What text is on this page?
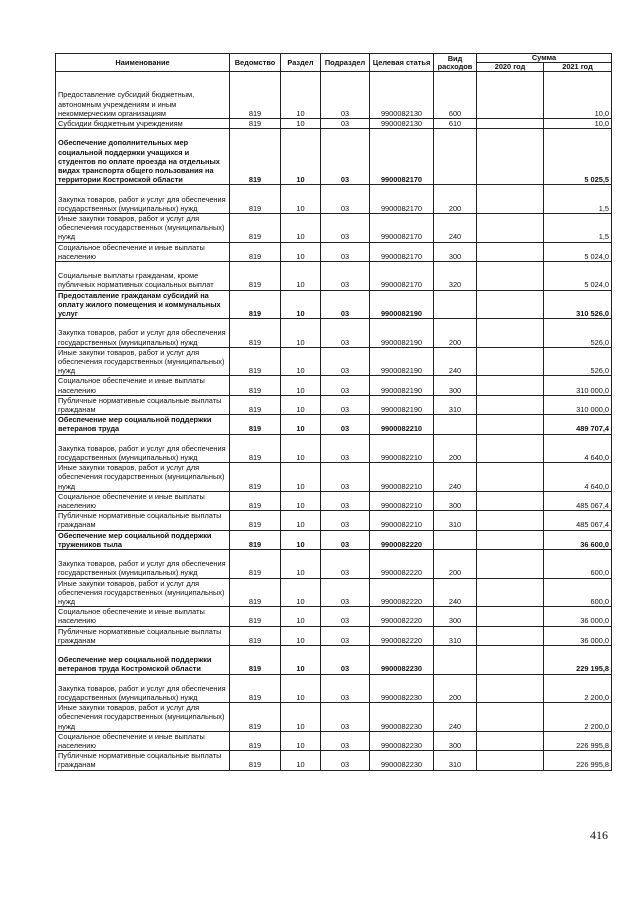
Наименование	Ведомство	Раздел	Подраздел	Целевая статья	Вид расходов	Сумма	
						2020 год	2021 год
Предоставление субсидий бюджетным, автономным учреждениям и иным некоммерческим организациям	819	10	03	9900082130	600		10,0
Субсидии бюджетным учреждениям	819	10	03	9900082130	610		10,0
Обеспечение дополнительных мер социальной поддержки учащихся и студентов по оплате проезда на отдельных видах транспорта общего пользования на территории Костромской области	819	10	03	9900082170			5 025,5
Закупка товаров, работ и услуг для обеспечения государственных (муниципальных) нужд	819	10	03	9900082170	200		1,5
Иные закупки товаров, работ и услуг для обеспечения государственных (муниципальных) нужд	819	10	03	9900082170	240		1,5
Социальное обеспечение и иные выплаты населению	819	10	03	9900082170	300		5 024,0
Социальные выплаты гражданам, кроме публичных нормативных социальных выплат	819	10	03	9900082170	320		5 024,0
Предоставление гражданам субсидий на оплату жилого помещения и коммунальных услуг	819	10	03	9900082190			310 526,0
Закупка товаров, работ и услуг для обеспечения государственных (муниципальных) нужд	819	10	03	9900082190	200		526,0
Иные закупки товаров, работ и услуг для обеспечения государственных (муниципальных) нужд	819	10	03	9900082190	240		526,0
Социальное обеспечение и иные выплаты населению	819	10	03	9900082190	300		310 000,0
Публичные нормативные социальные выплаты гражданам	819	10	03	9900082190	310		310 000,0
Обеспечение мер социальной поддержки ветеранов труда	819	10	03	9900082210			489 707,4
Закупка товаров, работ и услуг для обеспечения государственных (муниципальных) нужд	819	10	03	9900082210	200		4 640,0
Иные закупки товаров, работ и услуг для обеспечения государственных (муниципальных) нужд	819	10	03	9900082210	240		4 640,0
Социальное обеспечение и иные выплаты населению	819	10	03	9900082210	300		485 067,4
Публичные нормативные социальные выплаты гражданам	819	10	03	9900082210	310		485 067,4
Обеспечение мер социальной поддержки тружеников тыла	819	10	03	9900082220			36 600,0
Закупка товаров, работ и услуг для обеспечения государственных (муниципальных) нужд	819	10	03	9900082220	200		600,0
Иные закупки товаров, работ и услуг для обеспечения государственных (муниципальных) нужд	819	10	03	9900082220	240		600,0
Социальное обеспечение и иные выплаты населению	819	10	03	9900082220	300		36 000,0
Публичные нормативные социальные выплаты гражданам	819	10	03	9900082220	310		36 000,0
Обеспечение мер социальной поддержки ветеранов труда Костромской области	819	10	03	9900082230			229 195,8
Закупка товаров, работ и услуг для обеспечения государственных (муниципальных) нужд	819	10	03	9900082230	200		2 200,0
Иные закупки товаров, работ и услуг для обеспечения государственных (муниципальных) нужд	819	10	03	9900082230	240		2 200,0
Социальное обеспечение и иные выплаты населению	819	10	03	9900082230	300		226 995,8
Публичные нормативные социальные выплаты гражданам	819	10	03	9900082230	310		226 995,8
416
